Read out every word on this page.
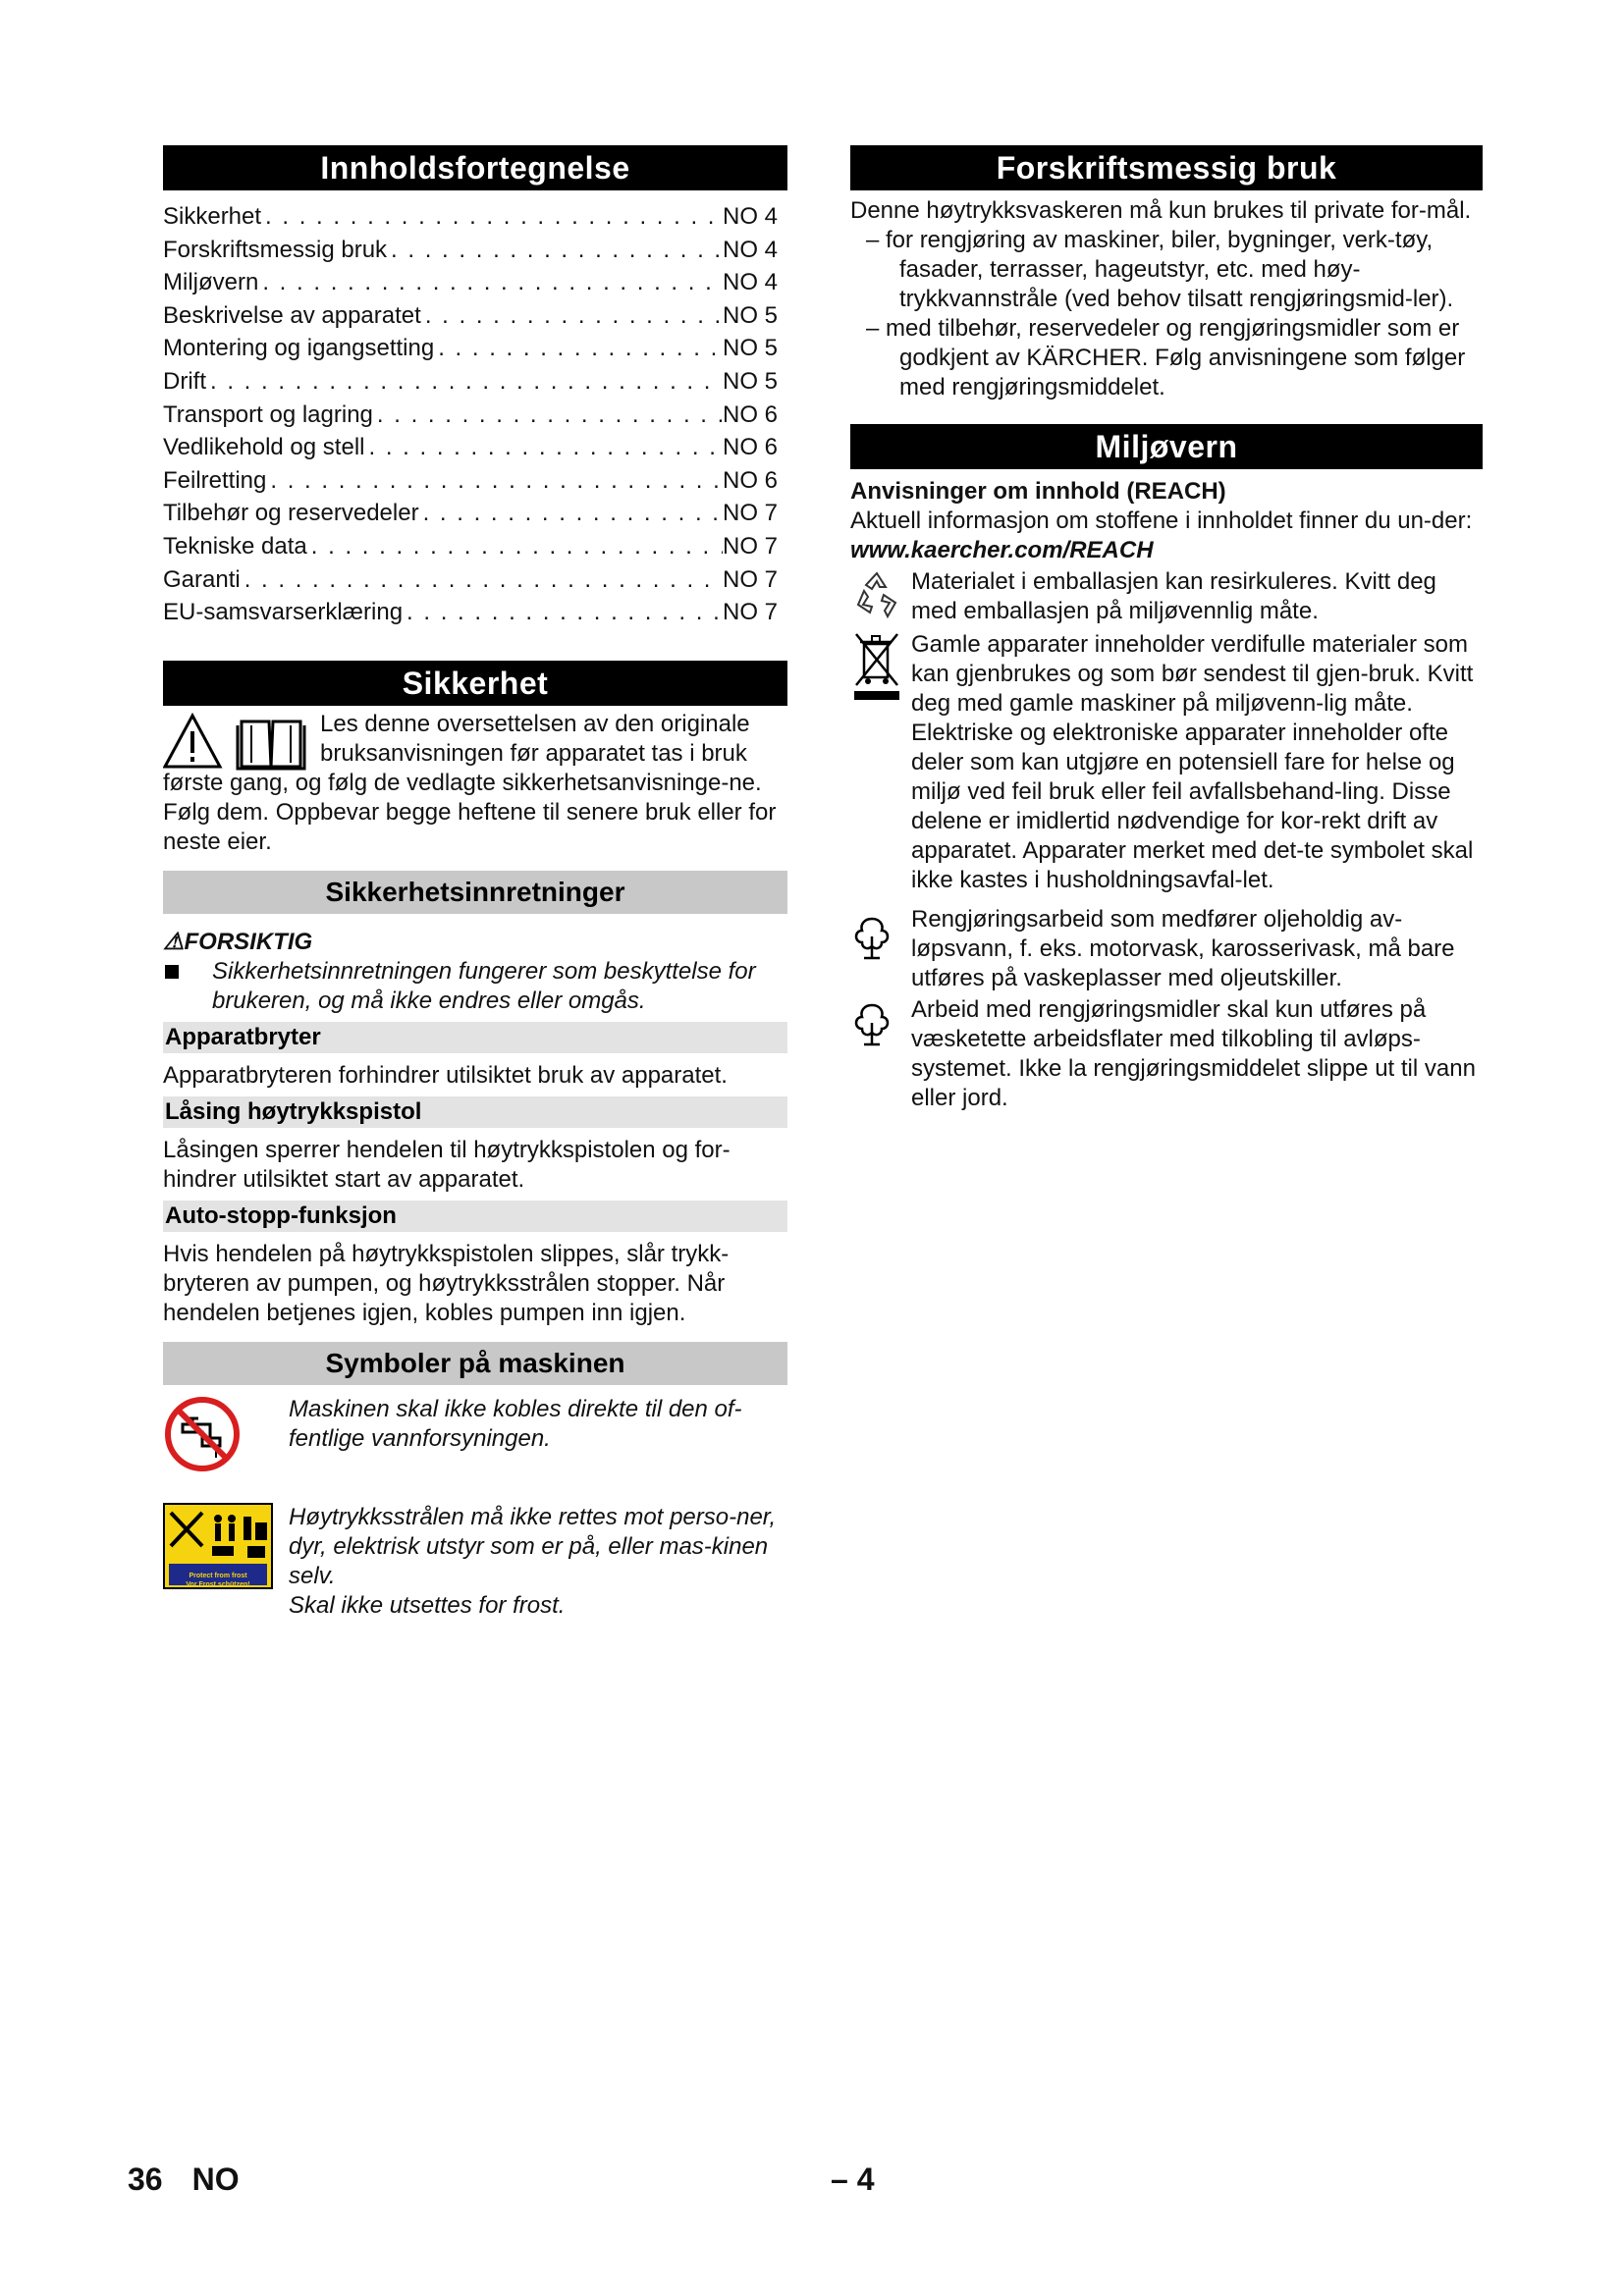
Innholdsfortegnelse
Sikkerhet . . .	NO 4
Forskriftsmessig bruk . . .	NO 4
Miljøvern . . .	NO 4
Beskrivelse av apparatet . . .	NO 5
Montering og igangsetting . . .	NO 5
Drift . . .	NO 5
Transport og lagring . . .	NO 6
Vedlikehold og stell . . .	NO 6
Feilretting . . .	NO 6
Tilbehør og reservedeler . . .	NO 7
Tekniske data . . .	NO 7
Garanti . . .	NO 7
EU-samsvarserklæring . . .	NO 7
Sikkerhet

Les denne oversettelsen av den originale bruksanvisningen før apparatet tas i bruk

første gang, og følg de vedlagte sikkerhetsanvisninge-ne. Følg dem. Oppbevar begge heftene til senere bruk eller for neste eier.

Sikkerhetsinnretninger

⚠FORSIKTIG

Sikkerhetsinnretningen fungerer som beskyttelse for brukeren, og må ikke endres eller omgås.
Apparatbryter

Apparatbryteren forhindrer utilsiktet bruk av apparatet.

Låsing høytrykkspistol

Låsingen sperrer hendelen til høytrykkspistolen og for-hindrer utilsiktet start av apparatet.

Auto-stopp-funksjon

Hvis hendelen på høytrykkspistolen slippes, slår trykk-bryteren av pumpen, og høytrykksstrålen stopper. Når hendelen betjenes igjen, kobles pumpen inn igjen.

Symboler på maskinen

Maskinen skal ikke kobles direkte til den of-fentlige vannforsyningen.

Protect from frost
Vor Frost schützen!

Høytrykksstrålen må ikke rettes mot perso-ner, dyr, elektrisk utstyr som er på, eller mas-kinen selv.

Skal ikke utsettes for frost.

Forskriftsmessig bruk

Denne høytrykksvaskeren må kun brukes til private for-mål.

– for rengjøring av maskiner, biler, bygninger, verk-tøy, fasader, terrasser, hageutstyr, etc. med høy-trykkvannstråle (ved behov tilsatt rengjøringsmid-ler).

– med tilbehør, reservedeler og rengjøringsmidler som er godkjent av KÄRCHER. Følg anvisningene som følger med rengjøringsmiddelet.

Miljøvern

Anvisninger om innhold (REACH)

Aktuell informasjon om stoffene i innholdet finner du un-der:

www.kaercher.com/REACH

Materialet i emballasjen kan resirkuleres. Kvitt deg med emballasjen på miljøvennlig måte.

Gamle apparater inneholder verdifulle materialer som kan gjenbrukes og som bør sendest til gjen-bruk. Kvitt deg med gamle maskiner på miljøvenn-lig måte.

Elektriske og elektroniske apparater inneholder ofte deler som kan utgjøre en potensiell fare for helse og miljø ved feil bruk eller feil avfallsbehand-ling. Disse delene er imidlertid nødvendige for kor-rekt drift av apparatet. Apparater merket med det-te symbolet skal ikke kastes i husholdningsavfal-let.

Rengjøringsarbeid som medfører oljeholdig av-løpsvann, f. eks. motorvask, karosserivask, må bare utføres på vaskeplasser med oljeutskiller.

Arbeid med rengjøringsmidler skal kun utføres på væsketette arbeidsflater med tilkobling til avløps-systemet. Ikke la rengjøringsmiddelet slippe ut til vann eller jord.

36 NO	– 4
